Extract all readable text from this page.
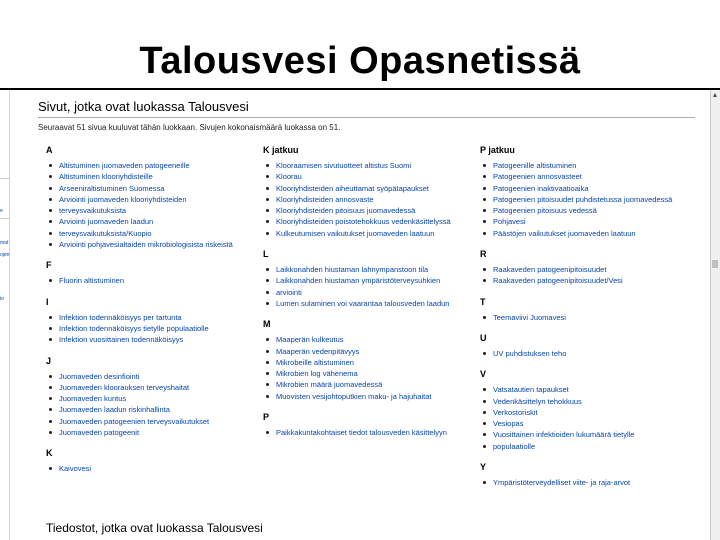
Talousvesi Opasnetissä
e
mat
ojen
io
Sivut, jotka ovat luokassa Talousvesi
Seuraavat 51 sivua kuuluvat tähän luokkaan. Sivujen kokonaismäärä luokassa on 51.
A
Altistuminen juomaveden patogeeneille
Altistuminen klooriyhdisteille
Arseeniraltistuminen Suomessa
Arviointi juomaveden klooriyhdisteiden
terveysvaikutuksista
Arviointi juomaveden laadun
terveysvaikutuksista/Kuopio
Arviointi pohjavesialtaiden mikrobiologisista riskeistä
F
Fluorin altistuminen
I
Infektion todennäköisyys per tartunta
Infektion todennäköisyys tietylle populaatiolle
Infektion vuosittainen todennäköisyys
J
Juomaveden desinfiointi
Juomaveden kloorauksen terveyshaitat
Juomaveden kuntus
Juomaveden laadun riskinhallinta
Juomaveden patogeenien terveysvaikutukset
Juomaveden patogeenit
K
Kaivovesi
K jatkuu
Klooraamisen sivutuotteet altistus Suomi
Kloorau
Klooriyhdisteiden aiheuttamat syöpätapaukset
Klooriyhdisteiden annosvaste
Klooriyhdisteiden pitoisuus juomavedessä
Klooriyhdisteiden poistotehokkuus vedenkäsittelyssä
Kulkeutumisen vaikutukset juomaveden laatuun
L
Laikkonahden hiustaman lahnympanstoon tila
Laikkonahden hiustaman ympäristöterveysuhkien
arviointi
Lumen sulaminen voi vaarantaa talousveden laadun
M
Maaperän kulkeutus
Maaperän vedenpitävyys
Mikrobeille altistuminen
Mikrobien log vähenema
Mikrobien määrä juomavedessä
Muovisten vesijohtoputkien maku- ja hajuhaitat
P
Paikkakuntakohtaiset tiedot talousveden käsittelyyn
P jatkuu
Patogeenille altistuminen
Patogeenien annosvasteet
Patogeenien inaktivaatioaika
Patogeenien pitoisuudet puhdistetussa juomavedessä
Patogeenien pitoisuus vedessä
Pohjavesi
Päästöjen vaikutukset juomaveden laatuun
R
Raakaveden patogeenipitoisuudet
Raakaveden patogeenipitoisuudet/Vesi
T
Teemaviivi Juomavesi
U
UV puhdistuksen teho
V
Vatsatautien tapaukset
Vedenkäsittelyn tehokkuus
Verkostoriskit
Vesiopas
Vuosittainen infektioiden lukumäärä tietylle
populaatiolle
Y
Ympäristöterveydelliset viite- ja raja-arvot
Tiedostot, jotka ovat luokassa Talousvesi
▲
